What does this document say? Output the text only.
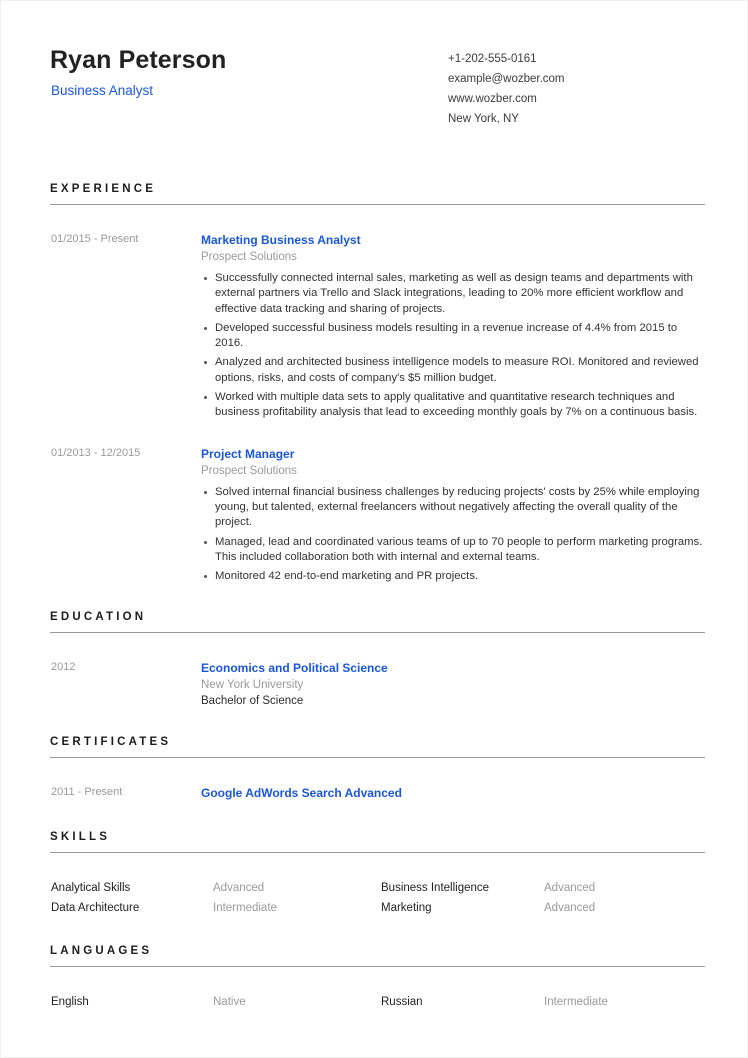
Ryan Peterson
Business Analyst
+1-202-555-0161
example@wozber.com
www.wozber.com
New York, NY
EXPERIENCE
01/2015 - Present	Marketing Business Analyst
Prospect Solutions
Successfully connected internal sales, marketing as well as design teams and departments with external partners via Trello and Slack integrations, leading to 20% more efficient workflow and effective data tracking and sharing of projects.
Developed successful business models resulting in a revenue increase of 4.4% from 2015 to 2016.
Analyzed and architected business intelligence models to measure ROI. Monitored and reviewed options, risks, and costs of company's $5 million budget.
Worked with multiple data sets to apply qualitative and quantitative research techniques and business profitability analysis that lead to exceeding monthly goals by 7% on a continuous basis.
01/2013 - 12/2015	Project Manager
Prospect Solutions
Solved internal financial business challenges by reducing projects' costs by 25% while employing young, but talented, external freelancers without negatively affecting the overall quality of the project.
Managed, lead and coordinated various teams of up to 70 people to perform marketing programs. This included collaboration both with internal and external teams.
Monitored 42 end-to-end marketing and PR projects.
EDUCATION
2012	Economics and Political Science
New York University
Bachelor of Science
CERTIFICATES
2011 - Present	Google AdWords Search Advanced
SKILLS
Analytical Skills	Advanced	Business Intelligence	Advanced
Data Architecture	Intermediate	Marketing	Advanced
LANGUAGES
English	Native	Russian	Intermediate
